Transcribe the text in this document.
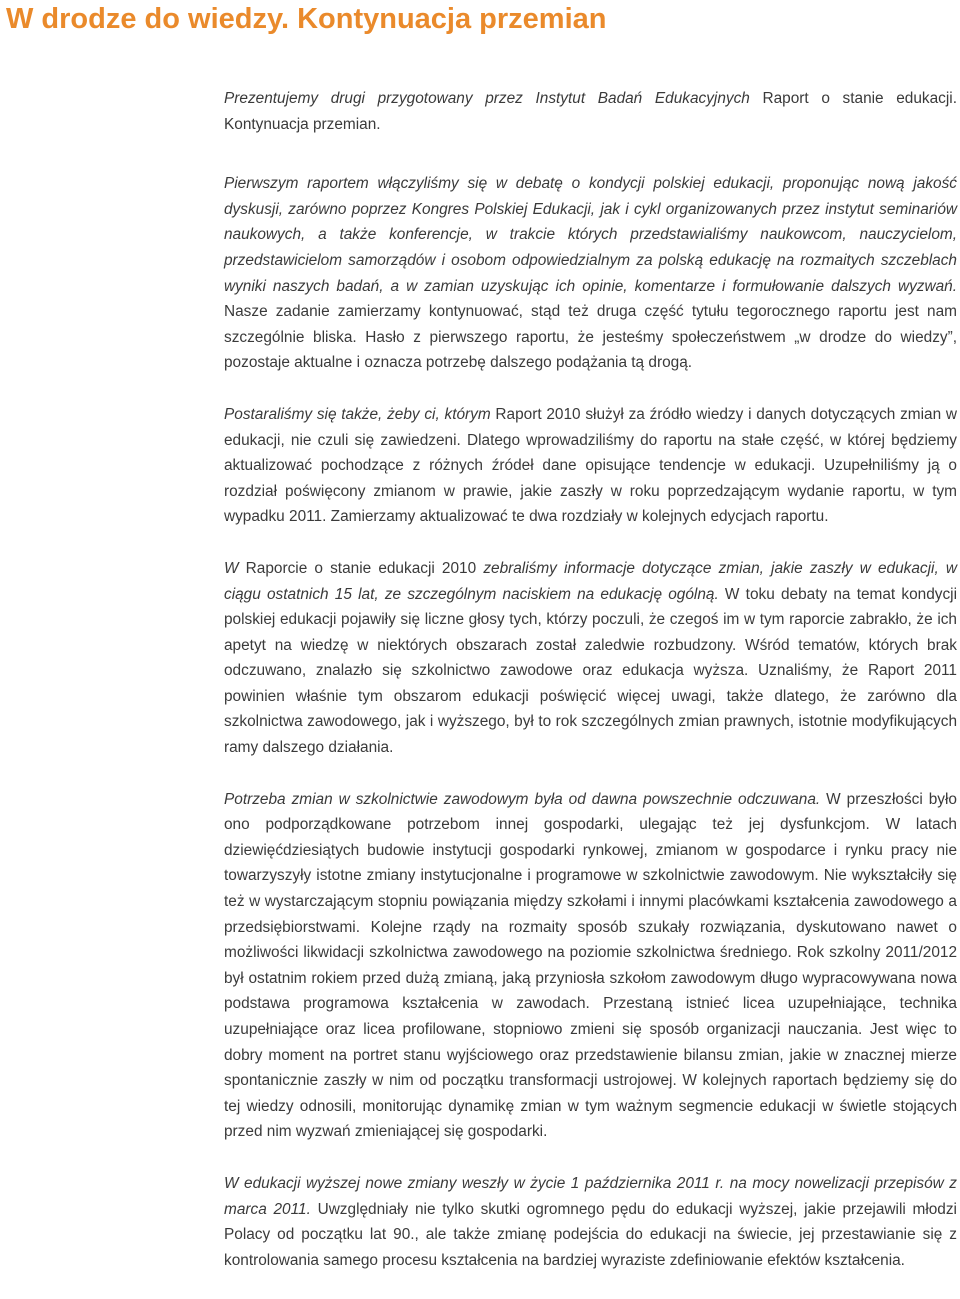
W drodze do wiedzy. Kontynuacja przemian

Prezentujemy drugi przygotowany przez Instytut Badań Edukacyjnych Raport o stanie edukacji. Kontynuacja przemian.

Pierwszym raportem włączyliśmy się w debatę o kondycji polskiej edukacji, proponując nową jakość dyskusji, zarówno poprzez Kongres Polskiej Edukacji, jak i cykl organizowanych przez instytut seminariów naukowych, a także konferencje, w trakcie których przedstawialiśmy naukowcom, nauczycielom, przedstawicielom samorządów i osobom odpowiedzialnym za polską edukację na rozmaitych szczeblach wyniki naszych badań, a w zamian uzyskując ich opinie, komentarze i formułowanie dalszych wyzwań. Nasze zadanie zamierzamy kontynuować, stąd też druga część tytułu tegorocznego raportu jest nam szczególnie bliska. Hasło z pierwszego raportu, że jesteśmy społeczeństwem „w drodze do wiedzy”, pozostaje aktualne i oznacza potrzebę dalszego podążania tą drogą.

Postaraliśmy się także, żeby ci, którym Raport 2010 służył za źródło wiedzy i danych dotyczących zmian w edukacji, nie czuli się zawiedzeni. Dlatego wprowadziliśmy do raportu na stałe część, w której będziemy aktualizować pochodzące z różnych źródeł dane opisujące tendencje w edukacji. Uzupełniliśmy ją o rozdział poświęcony zmianom w prawie, jakie zaszły w roku poprzedzającym wydanie raportu, w tym wypadku 2011. Zamierzamy aktualizować te dwa rozdziały w kolejnych edycjach raportu.

W Raporcie o stanie edukacji 2010 zebraliśmy informacje dotyczące zmian, jakie zaszły w edukacji, w ciągu ostatnich 15 lat, ze szczególnym naciskiem na edukację ogólną. W toku debaty na temat kondycji polskiej edukacji pojawiły się liczne głosy tych, którzy poczuli, że czegoś im w tym raporcie zabrakło, że ich apetyt na wiedzę w niektórych obszarach został zaledwie rozbudzony. Wśród tematów, których brak odczuwano, znalazło się szkolnictwo zawodowe oraz edukacja wyższa. Uznaliśmy, że Raport 2011 powinien właśnie tym obszarom edukacji poświęcić więcej uwagi, także dlatego, że zarówno dla szkolnictwa zawodowego, jak i wyższego, był to rok szczególnych zmian prawnych, istotnie modyfikujących ramy dalszego działania.

Potrzeba zmian w szkolnictwie zawodowym była od dawna powszechnie odczuwana. W przeszłości było ono podporządkowane potrzebom innej gospodarki, ulegając też jej dysfunkcjom. W latach dziewięćdziesiątych budowie instytucji gospodarki rynkowej, zmianom w gospodarce i rynku pracy nie towarzyszyły istotne zmiany instytucjonalne i programowe w szkolnictwie zawodowym. Nie wykształciły się też w wystarczającym stopniu powiązania między szkołami i innymi placówkami kształcenia zawodowego a przedsiębiorstwami. Kolejne rządy na rozmaity sposób szukały rozwiązania, dyskutowano nawet o możliwości likwidacji szkolnictwa zawodowego na poziomie szkolnictwa średniego. Rok szkolny 2011/2012 był ostatnim rokiem przed dużą zmianą, jaką przyniosła szkołom zawodowym długo wypracowywana nowa podstawa programowa kształcenia w zawodach. Przestaną istnieć licea uzupełniające, technika uzupełniające oraz licea profilowane, stopniowo zmieni się sposób organizacji nauczania. Jest więc to dobry moment na portret stanu wyjściowego oraz przedstawienie bilansu zmian, jakie w znacznej mierze spontanicznie zaszły w nim od początku transformacji ustrojowej. W kolejnych raportach będziemy się do tej wiedzy odnosili, monitorując dynamikę zmian w tym ważnym segmencie edukacji w świetle stojących przed nim wyzwań zmieniającej się gospodarki.

W edukacji wyższej nowe zmiany weszły w życie 1 października 2011 r. na mocy nowelizacji przepisów z marca 2011. Uwzględniały nie tylko skutki ogromnego pędu do edukacji wyższej, jakie przejawili młodzi Polacy od początku lat 90., ale także zmianę podejścia do edukacji na świecie, jej przestawianie się z kontrolowania samego procesu kształcenia na bardziej wyraziste zdefiniowanie efektów kształcenia.
